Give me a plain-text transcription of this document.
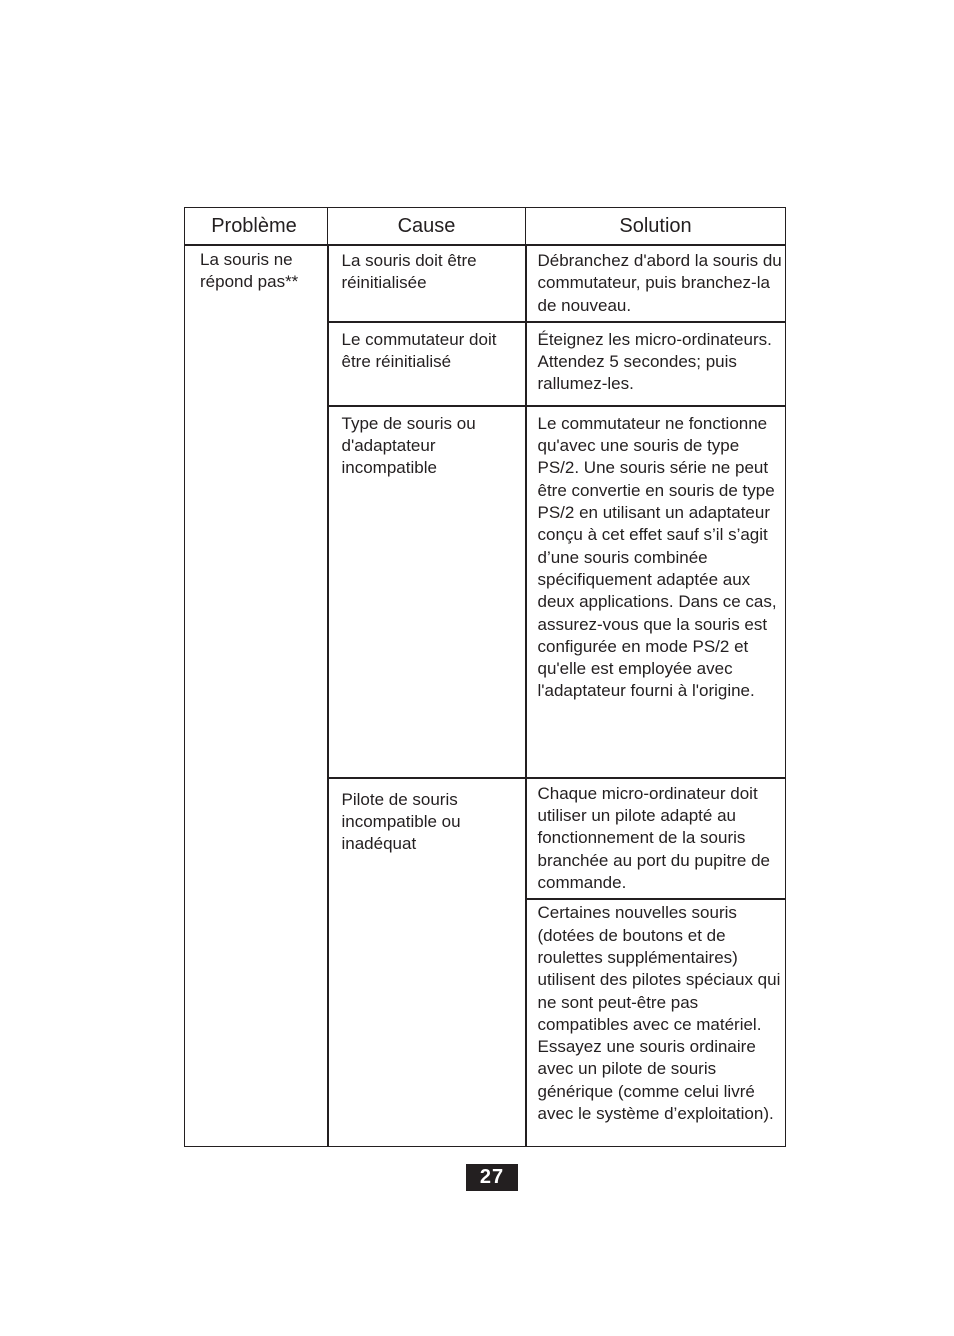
Problème	Cause	Solution
La souris ne répond pas**	La souris doit être réinitialisée	Débranchez d'abord la souris du commutateur, puis branchez-la de nouveau.
	Le commutateur doit être réinitialisé	Éteignez les micro-ordinateurs. Attendez 5 secondes; puis rallumez-les.
	Type de souris ou d'adaptateur incompatible	Le commutateur ne fonctionne qu'avec une souris de type PS/2. Une souris série ne peut être convertie en souris de type PS/2 en utilisant un adaptateur conçu à cet effet sauf s’il s’agit d’une souris combinée spécifiquement adaptée aux deux applications. Dans ce cas, assurez-vous que la souris est configurée en mode PS/2 et qu'elle est employée avec l'adaptateur fourni à l'origine.
	Pilote de souris incompatible ou inadéquat	Chaque micro-ordinateur doit utiliser un pilote adapté au fonctionnement de la souris branchée au port du pupitre de commande.
		Certaines nouvelles souris (dotées de boutons et de roulettes supplémentaires) utilisent des pilotes spéciaux qui ne sont peut-être pas compatibles avec ce matériel. Essayez une souris ordinaire avec un pilote de souris générique (comme celui livré avec le système d’exploitation).
27
